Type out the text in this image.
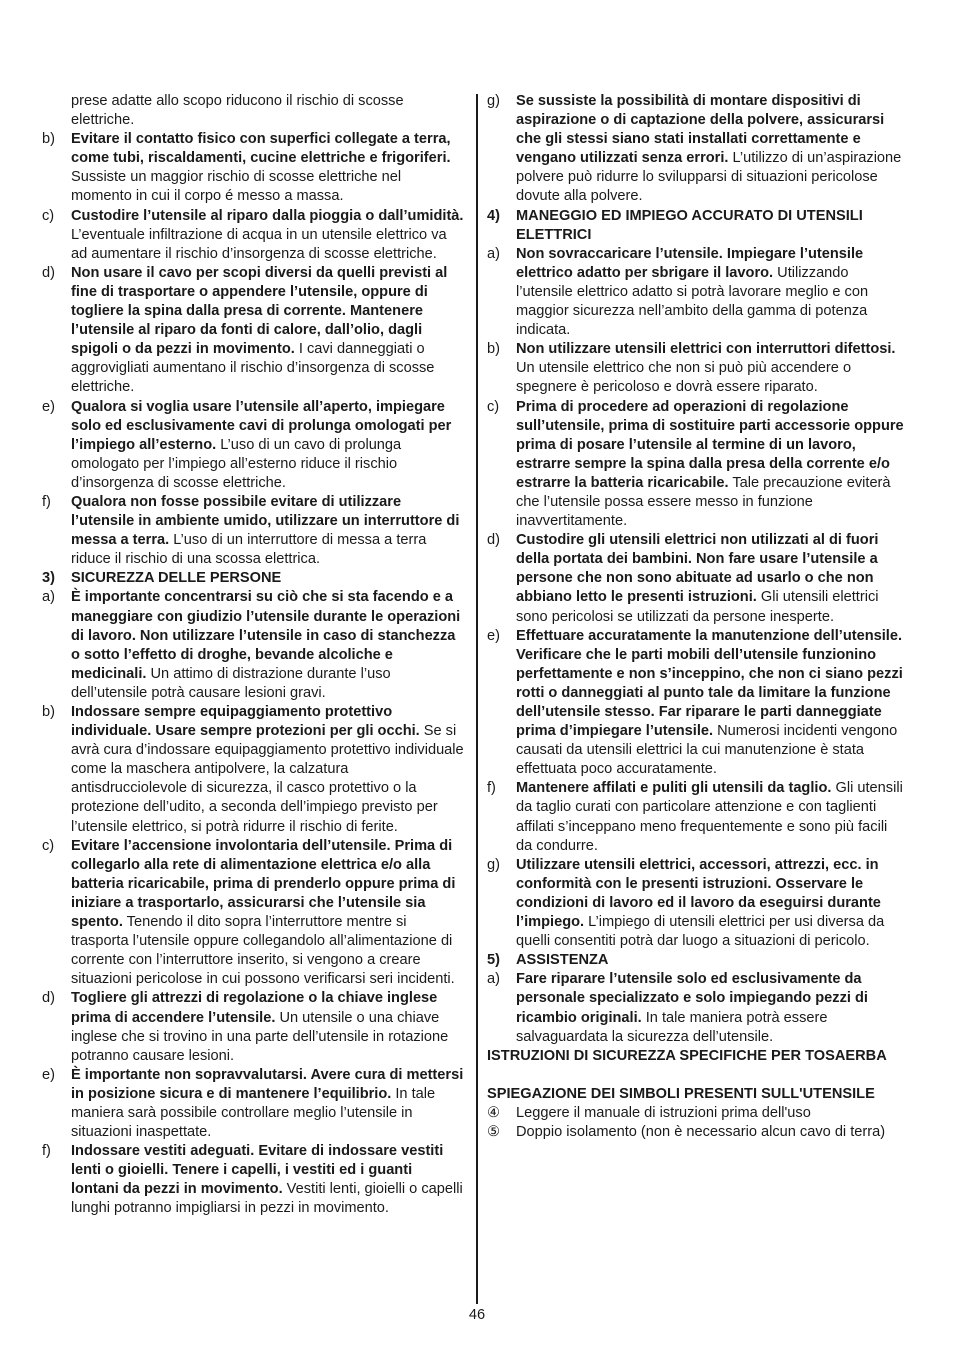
prese adatte allo scopo riducono il rischio di scosse elettriche.
b) Evitare il contatto fisico con superfici collegate a terra, come tubi, riscaldamenti, cucine elettriche e frigoriferi. Sussiste un maggior rischio di scosse elettriche nel momento in cui il corpo é messo a massa.
c) Custodire l’utensile al riparo dalla pioggia o dall’umidità. L’eventuale infiltrazione di acqua in un utensile elettrico va ad aumentare il rischio d’insorgenza di scosse elettriche.
d) Non usare il cavo per scopi diversi da quelli previsti al fine di trasportare o appendere l’utensile, oppure di togliere la spina dalla presa di corrente. Mantenere l’utensile al riparo da fonti di calore, dall’olio, dagli spigoli o da pezzi in movimento. I cavi danneggiati o aggrovigliati aumentano il rischio d’insorgenza di scosse elettriche.
e) Qualora si voglia usare l’utensile all’aperto, impiegare solo ed esclusivamente cavi di prolunga omologati per l’impiego all’esterno. L’uso di un cavo di prolunga omologato per l’impiego all’esterno riduce il rischio d’insorgenza di scosse elettriche.
f) Qualora non fosse possibile evitare di utilizzare l’utensile in ambiente umido, utilizzare un interruttore di messa a terra. L’uso di un interruttore di messa a terra riduce il rischio di una scossa elettrica.
3) SICUREZZA DELLE PERSONE
a) È importante concentrarsi su ciò che si sta facendo e a maneggiare con giudizio l’utensile durante le operazioni di lavoro. Non utilizzare l’utensile in caso di stanchezza o sotto l’effetto di droghe, bevande alcoliche e medicinali. Un attimo di distrazione durante l’uso dell’utensile potrà causare lesioni gravi.
b) Indossare sempre equipaggiamento protettivo individuale. Usare sempre protezioni per gli occhi. Se si avrà cura d’indossare equipaggiamento protettivo individuale come la maschera antipolvere, la calzatura antisdrucciolevole di sicurezza, il casco protettivo o la protezione dell’udito, a seconda dell’impiego previsto per l’utensile elettrico, si potrà ridurre il rischio di ferite.
c) Evitare l’accensione involontaria dell’utensile. Prima di collegarlo alla rete di alimentazione elettrica e/o alla batteria ricaricabile, prima di prenderlo oppure prima di iniziare a trasportarlo, assicurarsi che l’utensile sia spento. Tenendo il dito sopra l’interruttore mentre si trasporta l’utensile oppure collegandolo all’alimentazione di corrente con l’interruttore inserito, si vengono a creare situazioni pericolose in cui possono verificarsi seri incidenti.
d) Togliere gli attrezzi di regolazione o la chiave inglese prima di accendere l’utensile. Un utensile o una chiave inglese che si trovino in una parte dell’utensile in rotazione potranno causare lesioni.
e) È importante non sopravvalutarsi. Avere cura di mettersi in posizione sicura e di mantenere l’equilibrio. In tale maniera sarà possibile controllare meglio l’utensile in situazioni inaspettate.
f) Indossare vestiti adeguati. Evitare di indossare vestiti lenti o gioielli. Tenere i capelli, i vestiti ed i guanti lontani da pezzi in movimento. Vestiti lenti, gioielli o capelli lunghi potranno impigliarsi in pezzi in movimento.
g) Se sussiste la possibilità di montare dispositivi di aspirazione o di captazione della polvere, assicurarsi che gli stessi siano stati installati correttamente e vengano utilizzati senza errori. L’utilizzo di un’aspirazione polvere può ridurre lo svilupparsi di situazioni pericolose dovute alla polvere.
4) MANEGGIO ED IMPIEGO ACCURATO DI UTENSILI ELETTRICI
a) Non sovraccaricare l’utensile. Impiegare l’utensile elettrico adatto per sbrigare il lavoro. Utilizzando l’utensile elettrico adatto si potrà lavorare meglio e con maggior sicurezza nell’ambito della gamma di potenza indicata.
b) Non utilizzare utensili elettrici con interruttori difettosi. Un utensile elettrico che non si può più accendere o spegnere è pericoloso e dovrà essere riparato.
c) Prima di procedere ad operazioni di regolazione sull’utensile, prima di sostituire parti accessorie oppure prima di posare l’utensile al termine di un lavoro, estrarre sempre la spina dalla presa della corrente e/o estrarre la batteria ricaricabile. Tale precauzione eviterà che l’utensile possa essere messo in funzione inavvertitamente.
d) Custodire gli utensili elettrici non utilizzati al di fuori della portata dei bambini. Non fare usare l’utensile a persone che non sono abituate ad usarlo o che non abbiano letto le presenti istruzioni. Gli utensili elettrici sono pericolosi se utilizzati da persone inesperte.
e) Effettuare accuratamente la manutenzione dell’utensile. Verificare che le parti mobili dell’utensile funzionino perfettamente e non s’inceppino, che non ci siano pezzi rotti o danneggiati al punto tale da limitare la funzione dell’utensile stesso. Far riparare le parti danneggiate prima d’impiegare l’utensile. Numerosi incidenti vengono causati da utensili elettrici la cui manutenzione è stata effettuata poco accuratamente.
f) Mantenere affilati e puliti gli utensili da taglio. Gli utensili da taglio curati con particolare attenzione e con taglienti affilati s’inceppano meno frequentemente e sono più facili da condurre.
g) Utilizzare utensili elettrici, accessori, attrezzi, ecc. in conformità con le presenti istruzioni. Osservare le condizioni di lavoro ed il lavoro da eseguirsi durante l’impiego. L’impiego di utensili elettrici per usi diversa da quelli consentiti potrà dar luogo a situazioni di pericolo.
5) ASSISTENZA
a) Fare riparare l’utensile solo ed esclusivamente da personale specializzato e solo impiegando pezzi di ricambio originali. In tale maniera potrà essere salvaguardata la sicurezza dell’utensile.
ISTRUZIONI DI SICUREZZA SPECIFICHE PER TOSAERBA
SPIEGAZIONE DEI SIMBOLI PRESENTI SULL'UTENSILE
④ Leggere il manuale di istruzioni prima dell'uso
⑤ Doppio isolamento (non è necessario alcun cavo di terra)
46
